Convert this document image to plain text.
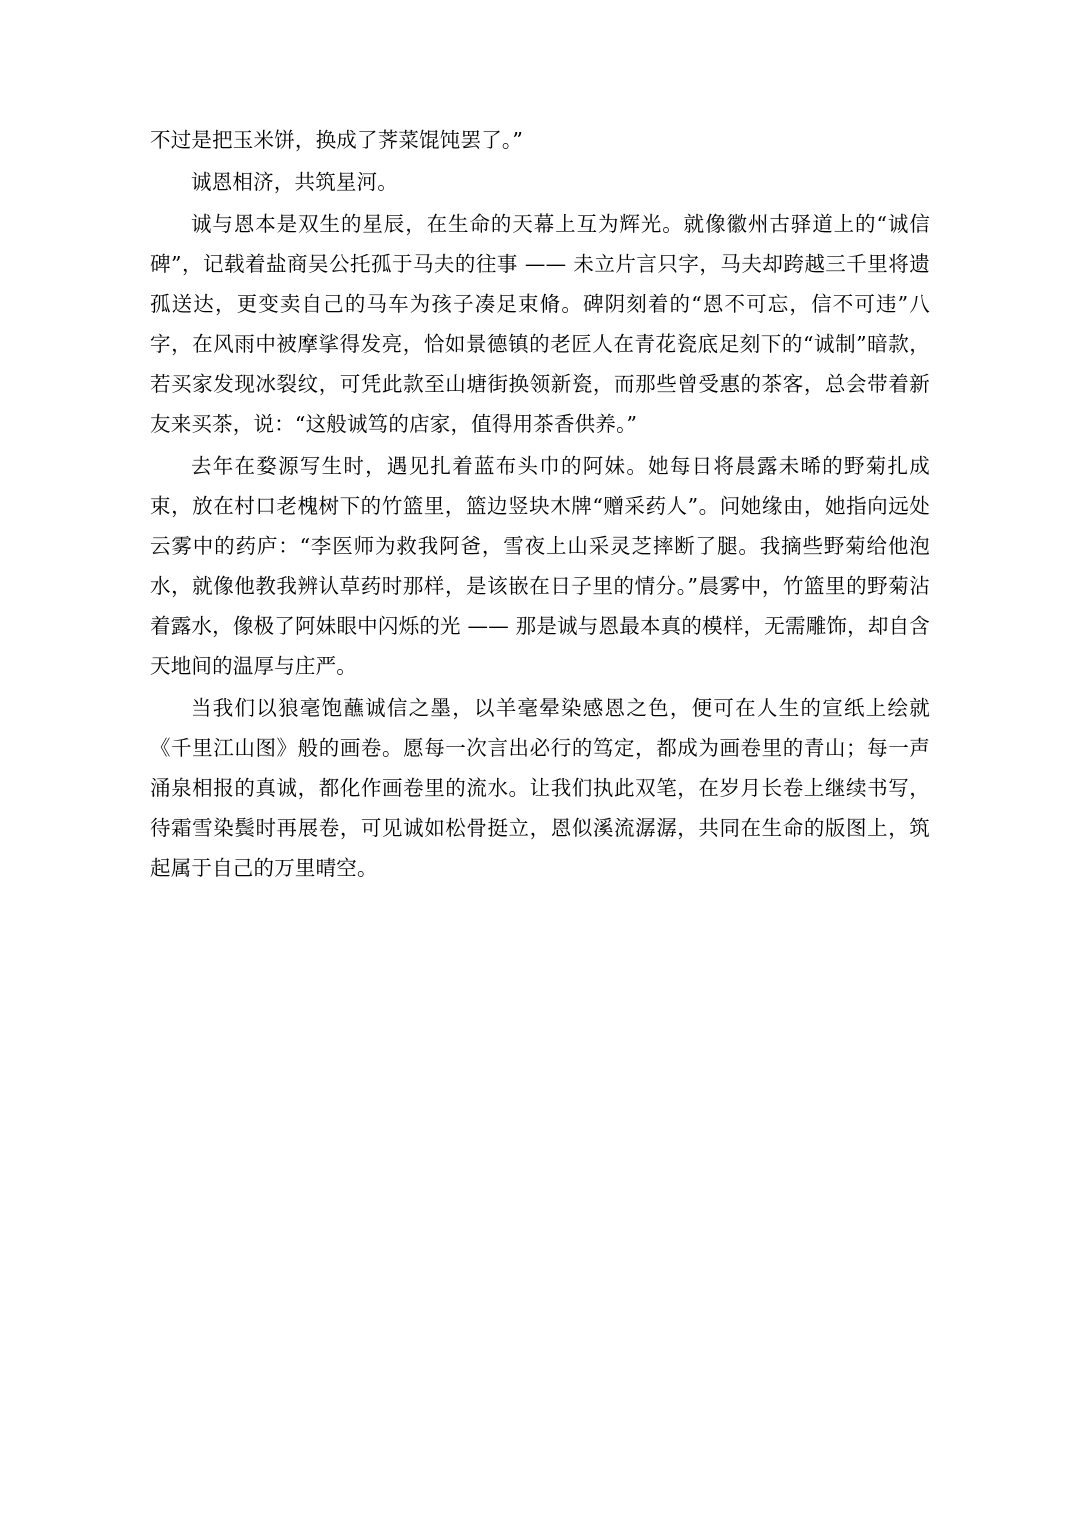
不过是把玉米饼，换成了荠菜馄饨罢了。”

诚恩相济，共筑星河。

诚与恩本是双生的星辰，在生命的天幕上互为辉光。就像徽州古驿道上的“诚信碑”，记载着盐商吴公托孤于马夫的往事 —— 未立片言只字，马夫却跨越三千里将遗孤送达，更变卖自己的马车为孩子凑足束脩。碑阴刻着的“恩不可忘，信不可违”八字，在风雨中被摩挲得发亮，恰如景德镇的老匠人在青花瓷底足刻下的“诚制”暗款，若买家发现冰裂纹，可凭此款至山塘街换领新瓷，而那些曾受惠的茶客，总会带着新友来买茶，说：“这般诚笃的店家，值得用茶香供养。”

去年在婺源写生时，遇见扎着蓝布头巾的阿妹。她每日将晨露未晞的野菊扎成束，放在村口老槐树下的竹篮里，篮边竖块木牌“赠采药人”。问她缘由，她指向远处云雾中的药庐：“李医师为救我阿爸，雪夜上山采灵芝摔断了腿。我摘些野菊给他泡水，就像他教我辨认草药时那样，是该嵌在日子里的情分。”晨雾中，竹篮里的野菊沾着露水，像极了阿妹眼中闪烁的光 —— 那是诚与恩最本真的模样，无需雕饰，却自含天地间的温厚与庄严。

当我们以狼毫饱蘸诚信之墨，以羊毫晕染感恩之色，便可在人生的宣纸上绘就《千里江山图》般的画卷。愿每一次言出必行的笃定，都成为画卷里的青山；每一声涌泉相报的真诚，都化作画卷里的流水。让我们执此双笔，在岁月长卷上继续书写，待霜雪染鬓时再展卷，可见诚如松骨挺立，恩似溪流潺潺，共同在生命的版图上，筑起属于自己的万里晴空。
